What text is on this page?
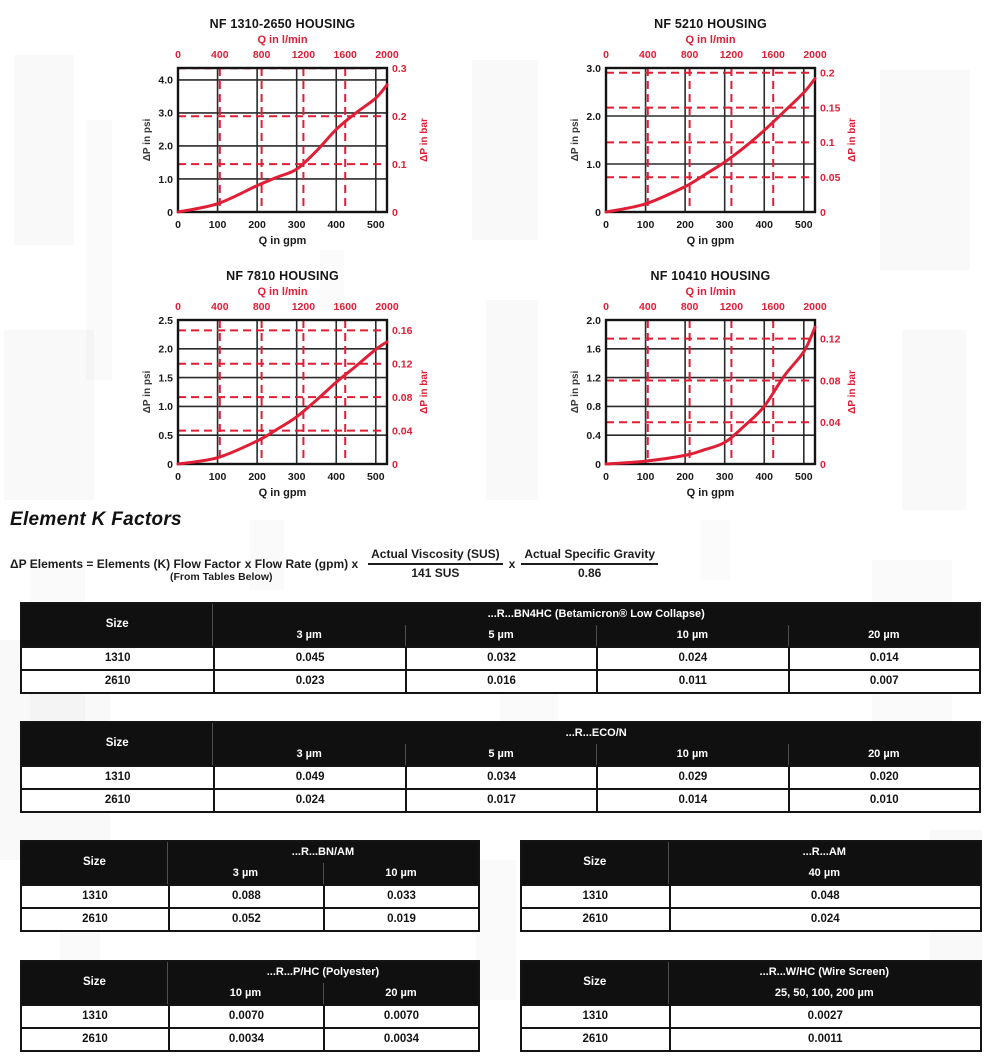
NF 1310-2650 HOUSING
Q in l/min
0	400 800 1200 1600 2000
0	100 200 300 400 500
Q in gpm
0
1.0
2.0
3.0
4.0
0
0.1
0.2
0.3
ΔP in psi	ΔP in bar
NF 5210 HOUSING
Q in l/min
0	400 800 1200 1600 2000
0	100 200 300 400 500
Q in gpm
0
1.0
2.0
3.0
0
0.05
0.1
0.15
0.2
ΔP in psi	ΔP in bar
NF 7810 HOUSING
Q in l/min
0	400 800 1200 1600 2000
0	100 200 300 400 500
Q in gpm
0
0.5
1.0
1.5
2.0
2.5
0
0.04
0.08
0.12
0.16
ΔP in psi	ΔP in bar
NF 10410 HOUSING
Q in l/min
0	400 800 1200 1600 2000
0	100 200 300 400 500
Q in gpm
0
0.4
0.8
1.2
1.6
2.0
0
0.04
0.08
0.12
ΔP in psi	ΔP in bar
Element K Factors
ΔP Elements = Elements (K) Flow Factor
(From Tables Below)
x Flow Rate (gpm) x $\frac{\text{Actual Viscosity (SUS)}}{\text{141 SUS}}$ x $\frac{\text{Actual Specific Gravity}}{0.86}$
Size	...R...BN4HC (Betamicron® Low Collapse)			
	3 µm	5 µm	10 µm	20 µm
1310	0.045	0.032	0.024	0.014
2610	0.023	0.016	0.011	0.007
Size	...R...ECO/N			
	3 µm	5 µm	10 µm	20 µm
1310	0.049	0.034	0.029	0.020
2610	0.024	0.017	0.014	0.010
Size	...R...BN/AM	
	3 µm	10 µm
1310	0.088	0.033
2610	0.052	0.019
Size	...R...AM
	40 µm
1310	0.048
2610	0.024
Size	...R...P/HC (Polyester)	
	10 µm	20 µm
1310	0.0070	0.0070
2610	0.0034	0.0034
Size	...R...W/HC (Wire Screen)
	25, 50, 100, 200 µm
1310	0.0027
2610	0.0011
